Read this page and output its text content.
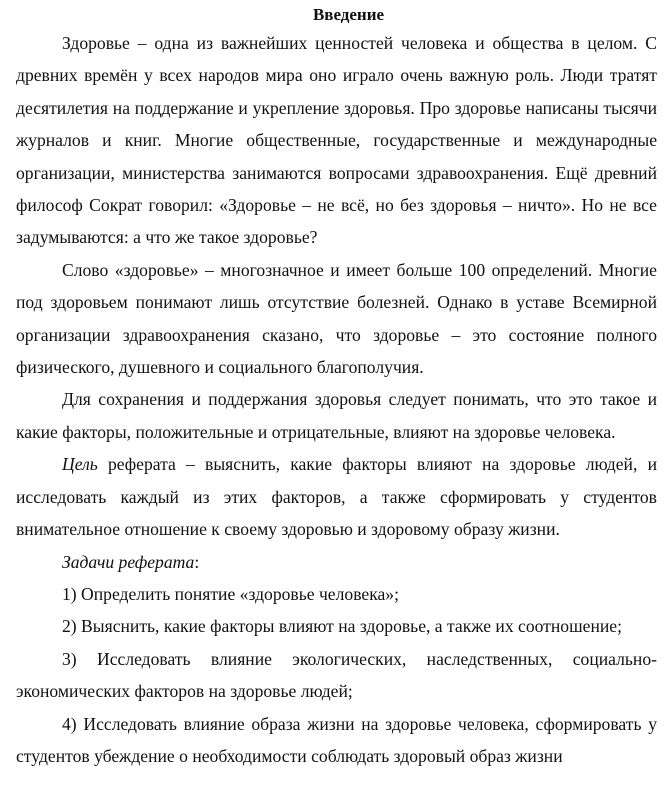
Введение

Здоровье – одна из важнейших ценностей человека и общества в целом. С древних времён у всех народов мира оно играло очень важную роль. Люди тратят десятилетия на поддержание и укрепление здоровья. Про здоровье написаны тысячи журналов и книг. Многие общественные, государственные и международные организации, министерства занимаются вопросами здравоохранения. Ещё древний философ Сократ говорил: «Здоровье – не всё, но без здоровья – ничто». Но не все задумываются: а что же такое здоровье?

Слово «здоровье» – многозначное и имеет больше 100 определений. Многие под здоровьем понимают лишь отсутствие болезней. Однако в уставе Всемирной организации здравоохранения сказано, что здоровье – это состояние полного физического, душевного и социального благополучия.

Для сохранения и поддержания здоровья следует понимать, что это такое и какие факторы, положительные и отрицательные, влияют на здоровье человека.

Цель реферата – выяснить, какие факторы влияют на здоровье людей, и исследовать каждый из этих факторов, а также сформировать у студентов внимательное отношение к своему здоровью и здоровому образу жизни.

Задачи реферата:

1) Определить понятие «здоровье человека»;

2) Выяснить, какие факторы влияют на здоровье, а также их соотношение;

3) Исследовать влияние экологических, наследственных, социально-экономических факторов на здоровье людей;

4) Исследовать влияние образа жизни на здоровье человека, сформировать у студентов убеждение о необходимости соблюдать здоровый образ жизни
